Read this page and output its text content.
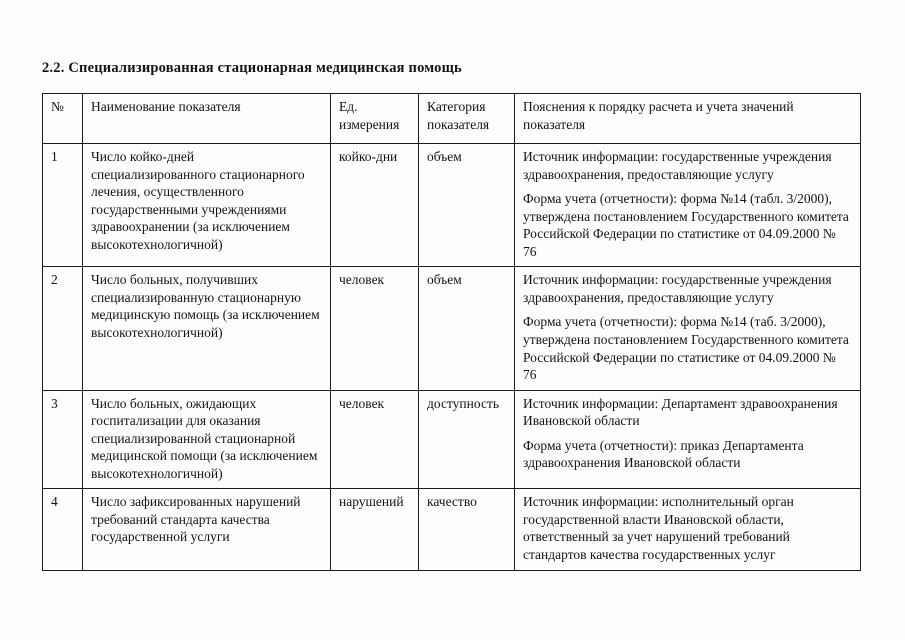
2.2. Специализированная стационарная медицинская помощь
№	Наименование показателя	Ед. измерения	Категория показателя	Пояснения к порядку расчета и учета значений показателя
1	Число койко-дней специализированного стационарного лечения, осуществленного государственными учреждениями здравоохранении (за исключением высокотехнологичной)	койко-дни	объем	Источник информации: государственные учреждения здравоохранения, предоставляющие услугу

Форма учета (отчетности): форма №14 (табл. 3/2000), утверждена постановлением Государственного комитета Российской Федерации по статистике от 04.09.2000 № 76

2	Число больных, получивших специализированную стационарную медицинскую помощь (за исключением высокотехнологичной)	человек	объем	Источник информации: государственные учреждения здравоохранения, предоставляющие услугу

Форма учета (отчетности): форма №14 (таб. 3/2000), утверждена постановлением Государственного комитета Российской Федерации по статистике от 04.09.2000 № 76

3	Число больных, ожидающих госпитализации для оказания специализированной стационарной медицинской помощи (за исключением высокотехнологичной)	человек	доступность	Источник информации: Департамент здравоохранения Ивановской области

Форма учета (отчетности): приказ Департамента здравоохранения Ивановской области

4	Число зафиксированных нарушений требований стандарта качества государственной услуги	нарушений	качество	Источник информации: исполнительный орган государственной власти Ивановской области, ответственный за учет нарушений требований стандартов качества государственных услуг
